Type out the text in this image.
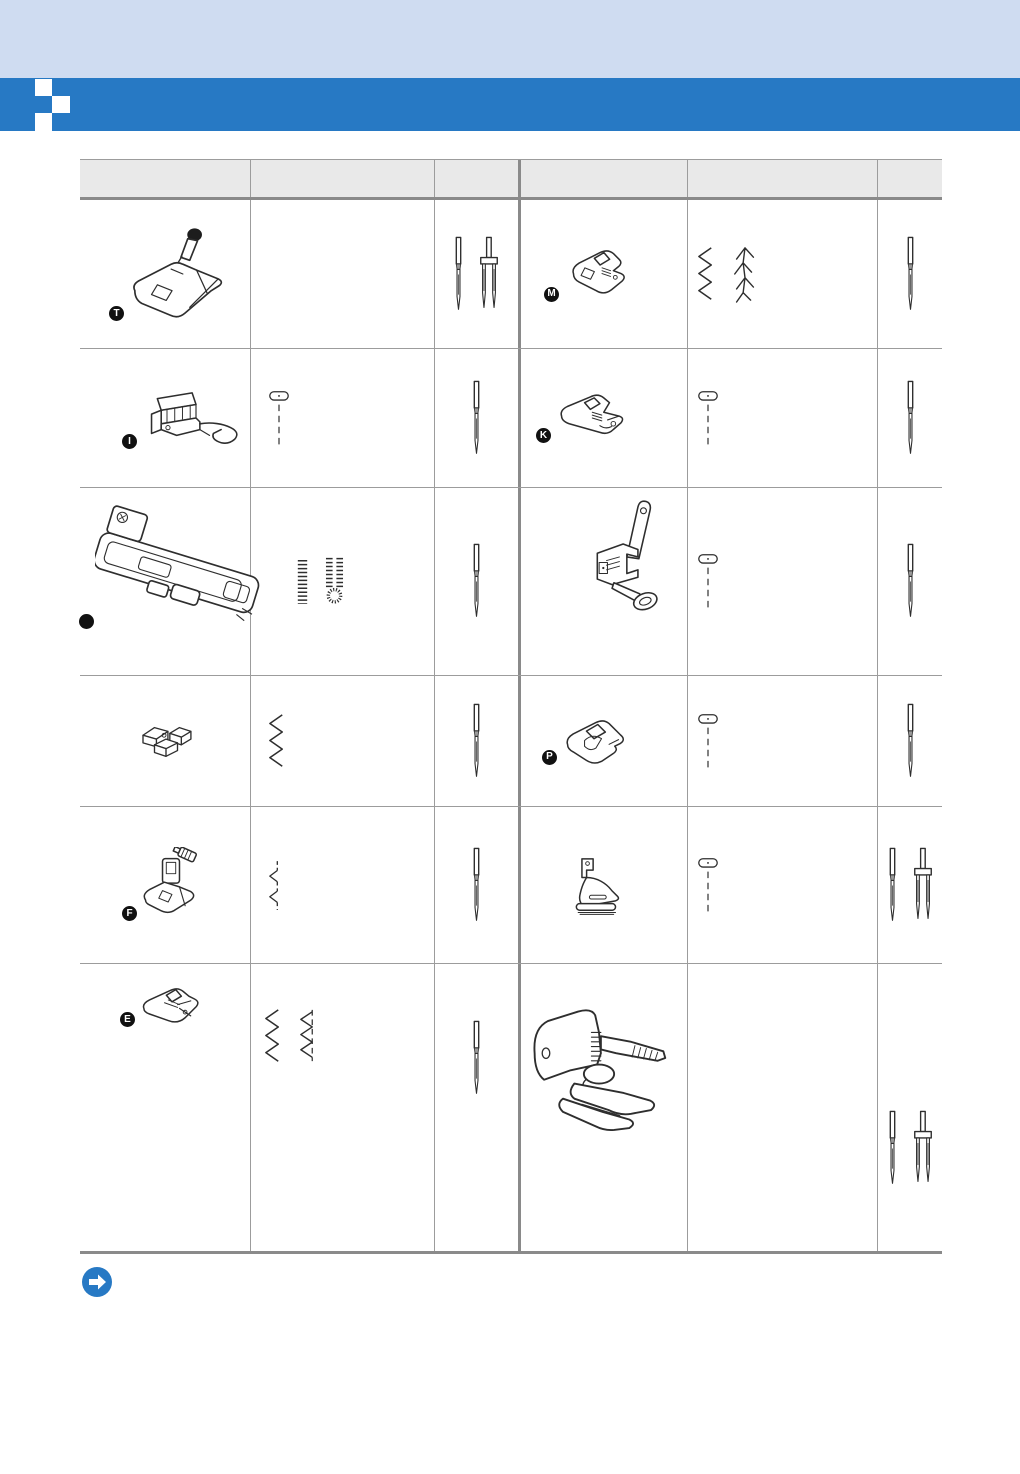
T
M
I
K
P
F
E
